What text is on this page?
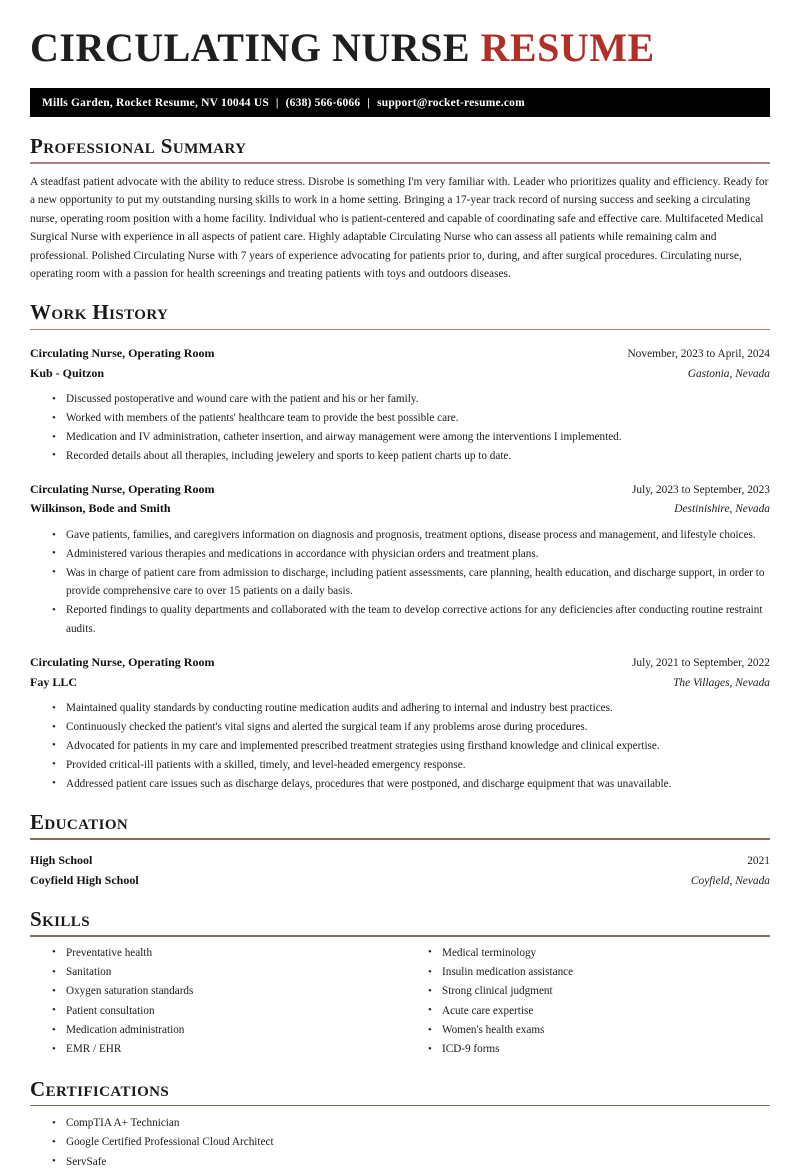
CIRCULATING NURSE RESUME
Mills Garden, Rocket Resume, NV 10044 US | (638) 566-6066 | support@rocket-resume.com
Professional Summary
A steadfast patient advocate with the ability to reduce stress. Disrobe is something I'm very familiar with. Leader who prioritizes quality and efficiency. Ready for a new opportunity to put my outstanding nursing skills to work in a home setting. Bringing a 17-year track record of nursing success and seeking a circulating nurse, operating room position with a home facility. Individual who is patient-centered and capable of coordinating safe and effective care. Multifaceted Medical Surgical Nurse with experience in all aspects of patient care. Highly adaptable Circulating Nurse who can assess all patients while remaining calm and professional. Polished Circulating Nurse with 7 years of experience advocating for patients prior to, during, and after surgical procedures. Circulating nurse, operating room with a passion for health screenings and treating patients with toys and outdoors diseases.
Work History
Circulating Nurse, Operating Room	November, 2023 to April, 2024
Kub - Quitzon	Gastonia, Nevada
• Discussed postoperative and wound care with the patient and his or her family.
• Worked with members of the patients' healthcare team to provide the best possible care.
• Medication and IV administration, catheter insertion, and airway management were among the interventions I implemented.
• Recorded details about all therapies, including jewelery and sports to keep patient charts up to date.
Circulating Nurse, Operating Room	July, 2023 to September, 2023
Wilkinson, Bode and Smith	Destinishire, Nevada
• Gave patients, families, and caregivers information on diagnosis and prognosis, treatment options, disease process and management, and lifestyle choices.
• Administered various therapies and medications in accordance with physician orders and treatment plans.
• Was in charge of patient care from admission to discharge, including patient assessments, care planning, health education, and discharge support, in order to provide comprehensive care to over 15 patients on a daily basis.
• Reported findings to quality departments and collaborated with the team to develop corrective actions for any deficiencies after conducting routine restraint audits.
Circulating Nurse, Operating Room	July, 2021 to September, 2022
Fay LLC	The Villages, Nevada
• Maintained quality standards by conducting routine medication audits and adhering to internal and industry best practices.
• Continuously checked the patient's vital signs and alerted the surgical team if any problems arose during procedures.
• Advocated for patients in my care and implemented prescribed treatment strategies using firsthand knowledge and clinical expertise.
• Provided critical-ill patients with a skilled, timely, and level-headed emergency response.
• Addressed patient care issues such as discharge delays, procedures that were postponed, and discharge equipment that was unavailable.
Education
High School	2021
Coyfield High School	Coyfield, Nevada
Skills
• Preventative health
• Sanitation
• Oxygen saturation standards
• Patient consultation
• Medication administration
• EMR / EHR
• Medical terminology
• Insulin medication assistance
• Strong clinical judgment
• Acute care expertise
• Women's health exams
• ICD-9 forms
Certifications
• CompTIA A+ Technician
• Google Certified Professional Cloud Architect
• ServSafe
